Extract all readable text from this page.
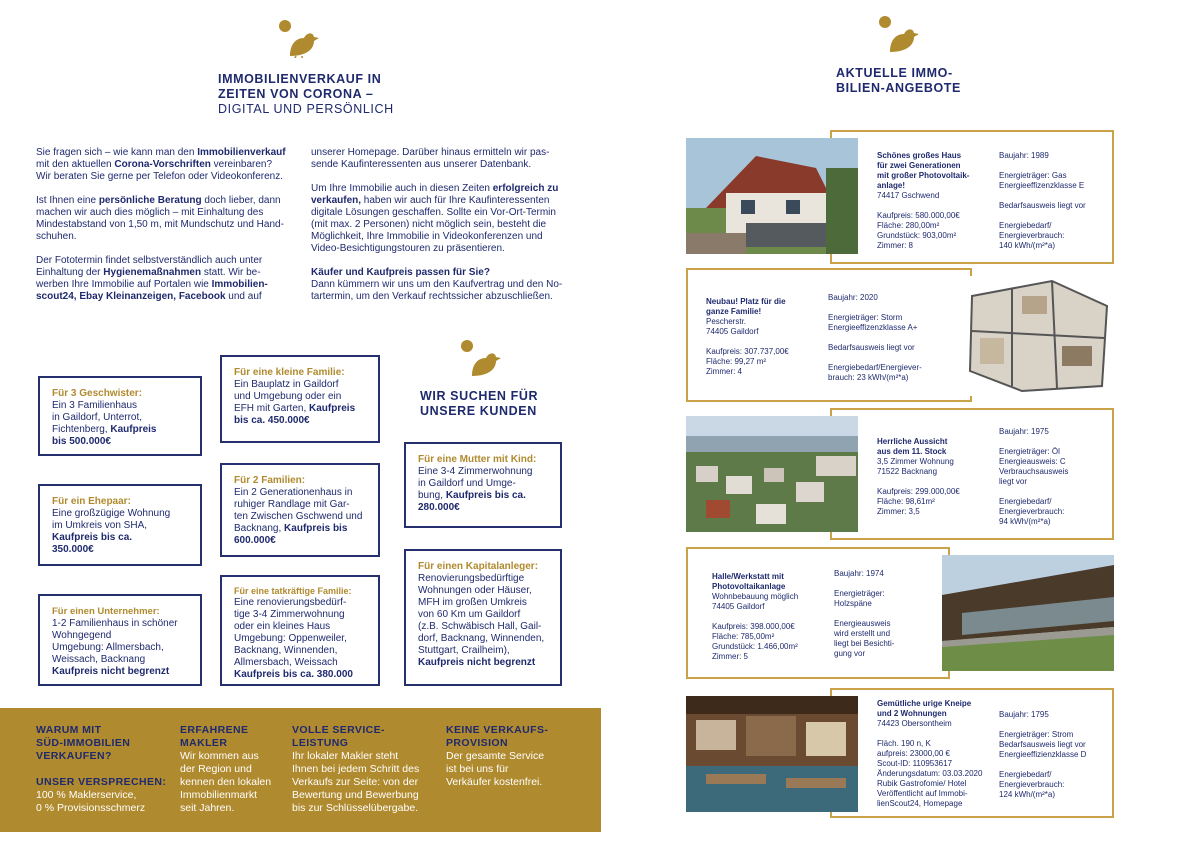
IMMOBILIENVERKAUF IN
ZEITEN VON CORONA –
DIGITAL UND PERSÖNLICH
Sie fragen sich – wie kann man den Immobilienverkauf
mit den aktuellen Corona-Vorschriften vereinbaren?
Wir beraten Sie gerne per Telefon oder Videokonferenz.
Ist Ihnen eine persönliche Beratung doch lieber, dann
machen wir auch dies möglich – mit Einhaltung des
Mindestabstand von 1,50 m, mit Mundschutz und Hand-
schuhen.
Der Fototermin findet selbstverständlich auch unter
Einhaltung der Hygienemaßnahmen statt. Wir be-
werben Ihre Immobilie auf Portalen wie Immobilien-
scout24, Ebay Kleinanzeigen, Facebook und auf
unserer Homepage. Darüber hinaus ermitteln wir pas-
sende Kaufinteressenten aus unserer Datenbank.
Um Ihre Immobilie auch in diesen Zeiten erfolgreich zu
verkaufen, haben wir auch für Ihre Kaufinteressenten
digitale Lösungen geschaffen. Sollte ein Vor-Ort-Termin
(mit max. 2 Personen) nicht möglich sein, besteht die
Möglichkeit, Ihre Immobilie in Videokonferenzen und
Video-Besichtigungstouren zu präsentieren.
Käufer und Kaufpreis passen für Sie?
Dann kümmern wir uns um den Kaufvertrag und den No-
tartermin, um den Verkauf rechtssicher abzuschließen.
WIR SUCHEN FÜR
UNSERE KUNDEN
Für 3 Geschwister:
Ein 3 Familienhaus
in Gaildorf, Unterrot,
Fichtenberg, Kaufpreis
bis 500.000€
Für ein Ehepaar:
Eine großzügige Wohnung
im Umkreis von SHA,
Kaufpreis bis ca.
350.000€
Für einen Unternehmer:
1-2 Familienhaus in schöner
Wohngegend
Umgebung: Allmersbach,
Weissach, Backnang
Kaufpreis nicht begrenzt
Für eine kleine Familie:
Ein Bauplatz in Gaildorf
und Umgebung oder ein
EFH mit Garten, Kaufpreis
bis ca. 450.000€
Für 2 Familien:
Ein 2 Generationenhaus in
ruhiger Randlage mit Gar-
ten Zwischen Gschwend und
Backnang, Kaufpreis bis
600.000€
Für eine tatkräftige Familie:
Eine renovierungsbedürf-
tige 3-4 Zimmerwohnung
oder ein kleines Haus
Umgebung: Oppenweiler,
Backnang, Winnenden,
Allmersbach, Weissach
Kaufpreis bis ca. 380.000
Für eine Mutter mit Kind:
Eine 3-4 Zimmerwohnung
in Gaildorf und Umge-
bung, Kaufpreis bis ca.
280.000€
Für einen Kapitalanleger:
Renovierungsbedürftige
Wohnungen oder Häuser,
MFH im großen Umkreis
von 60 Km um Gaildorf
(z.B. Schwäbisch Hall, Gail-
dorf, Backnang, Winnenden,
Stuttgart, Crailheim),
Kaufpreis nicht begrenzt
WARUM MIT
SÜD-IMMOBILIEN
VERKAUFEN?
UNSER VERSPRECHEN:
100 % Maklerservice,
0 % Provisionsschmerz
ERFAHRENE
MAKLER
Wir kommen aus
der Region und
kennen den lokalen
Immobilienmarkt
seit Jahren.
VOLLE SERVICE-
LEISTUNG
Ihr lokaler Makler steht
Ihnen bei jedem Schritt des
Verkaufs zur Seite: von der
Bewertung und Bewerbung
bis zur Schlüsselübergabe.
KEINE VERKAUFS-
PROVISION
Der gesamte Service
ist bei uns für
Verkäufer kostenfrei.
AKTUELLE IMMO-
BILIEN-ANGEBOTE
Schönes großes Haus
für zwei Generationen
mit großer Photovoltaik-
anlage!
74417 Gschwend
Kaufpreis: 580.000,00€
Fläche: 280,00m²
Grundstück: 903,00m²
Zimmer: 8
Baujahr: 1989
Energieträger: Gas
Energieeffizenzklasse E
Bedarfsausweis liegt vor
Energiebedarf/
Energieverbrauch:
140 kWh/(m²*a)
Neubau! Platz für die
ganze Familie!
Pescherstr.
74405 Gaildorf
Kaufpreis: 307.737,00€
Fläche: 99,27 m²
Zimmer: 4
Baujahr: 2020
Energieträger: Storm
Energieeffizenzklasse A+
Bedarfsausweis liegt vor
Energiebedarf/Energiever-
brauch: 23 kWh/(m²*a)
Herrliche Aussicht
aus dem 11. Stock
3,5 Zimmer Wohnung
71522 Backnang
Kaufpreis: 299.000,00€
Fläche: 98,61m²
Zimmer: 3,5
Baujahr: 1975
Energieträger: Öl
Energieausweis: C
Verbrauchsausweis
liegt vor
Energiebedarf/
Energieverbrauch:
94 kWh/(m²*a)
Halle/Werkstatt mit
Photovoltaikanlage
Wohnbebauung möglich
74405 Gaildorf
Kaufpreis: 398.000,00€
Fläche: 785,00m²
Grundstück: 1.466,00m²
Zimmer: 5
Baujahr: 1974
Energieträger:
Holzspäne
Energieausweis
wird erstellt und
liegt bei Besichti-
gung vor
Gemütliche urige Kneipe
und 2 Wohnungen
74423 Obersontheim
Fläch. 190 n, K
aufpreis: 23000,00 €
Scout-ID: 110953617
Änderungsdatum: 03.03.2020
Rubik Gastrofomie/ Hotel
Veröffentlicht auf Immobi-
lienScout24, Homepage
Baujahr: 1795
Energieträger: Strom
Bedarfsausweis liegt vor
Energieeffizienzklasse D
Energiebedarf/
Energieverbrauch:
124 kWh/(m²*a)
